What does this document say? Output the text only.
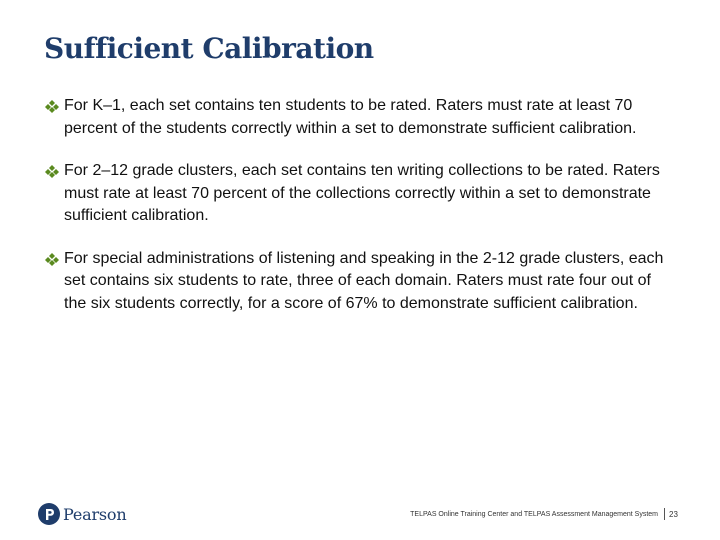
Sufficient Calibration
For K–1, each set contains ten students to be rated. Raters must rate at least 70 percent of the students correctly within a set to demonstrate sufficient calibration.
For 2–12 grade clusters, each set contains ten writing collections to be rated. Raters must rate at least 70 percent of the collections correctly within a set to demonstrate sufficient calibration.
For special administrations of listening and speaking in the 2-12 grade clusters, each set contains six students to rate, three of each domain. Raters must rate four out of the six students correctly, for a score of 67% to demonstrate sufficient calibration.
Pearson	TELPAS Online Training Center and TELPAS Assessment Management System 23
